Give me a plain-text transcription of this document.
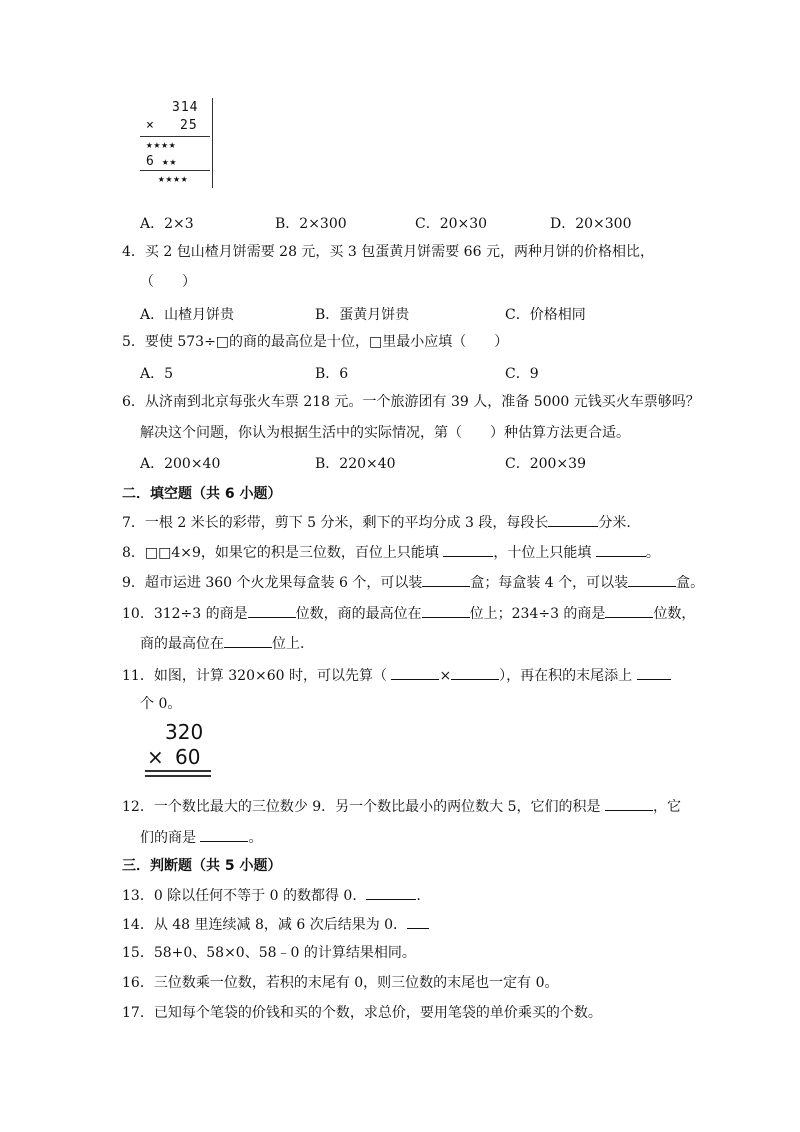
314
× 25
★★★★
6 ★★
★★★★
A．2×3	B．2×300	C．20×30	D．20×300
4．买 2 包山楂月饼需要 28 元，买 3 包蛋黄月饼需要 66 元，两种月饼的价格相比，
（　　）
A．山楂月饼贵	B．蛋黄月饼贵	C．价格相同
5．要使 573÷□的商的最高位是十位，□里最小应填（　　）
A．5	B．6	C．9
6．从济南到北京每张火车票 218 元。一个旅游团有 39 人，准备 5000 元钱买火车票够吗？
解决这个问题，你认为根据生活中的实际情况，第（　　）种估算方法更合适。
A．200×40	B．220×40	C．200×39
二．填空题（共 6 小题）
7．一根 2 米长的彩带，剪下 5 分米，剩下的平均分成 3 段，每段长	分米.
8．□□4×9，如果它的积是三位数，百位上只能填	，十位上只能填	。
9．超市运进 360 个火龙果每盒装 6 个，可以装	盒；每盒装 4 个，可以装	盒。
10．312÷3 的商是	位数，商的最高位在	位上；234÷3 的商是	位数，
商的最高位在	位上.
11．如图，计算 320×60 时，可以先算（	×	），再在积的末尾添上
个 0。
320
× 60
12．一个数比最大的三位数少 9．另一个数比最小的两位数大 5，它们的积是	，它
们的商是	。
三．判断题（共 5 小题）
13．0 除以任何不等于 0 的数都得 0．	.
14．从 48 里连续减 8，减 6 次后结果为 0．
15．58+0、58×0、58﹣0 的计算结果相同。
16．三位数乘一位数，若积的末尾有 0，则三位数的末尾也一定有 0。
17．已知每个笔袋的价钱和买的个数，求总价，要用笔袋的单价乘买的个数。
